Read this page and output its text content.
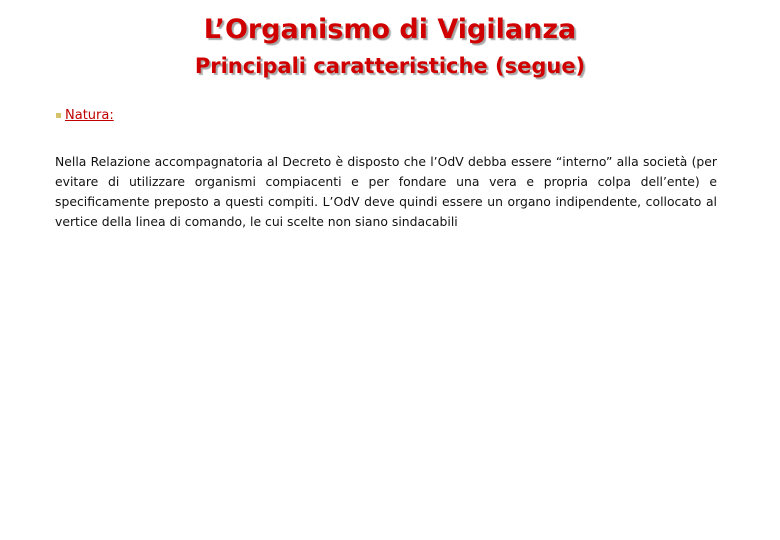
L’Organismo di Vigilanza
Principali caratteristiche (segue)
Natura:

Nella Relazione accompagnatoria al Decreto è disposto che l’OdV debba essere “interno” alla società (per evitare di utilizzare organismi compiacenti e per fondare una vera e propria colpa dell’ente) e specificamente preposto a questi compiti. L’OdV deve quindi essere un organo indipendente, collocato al vertice della linea di comando, le cui scelte non siano sindacabili
